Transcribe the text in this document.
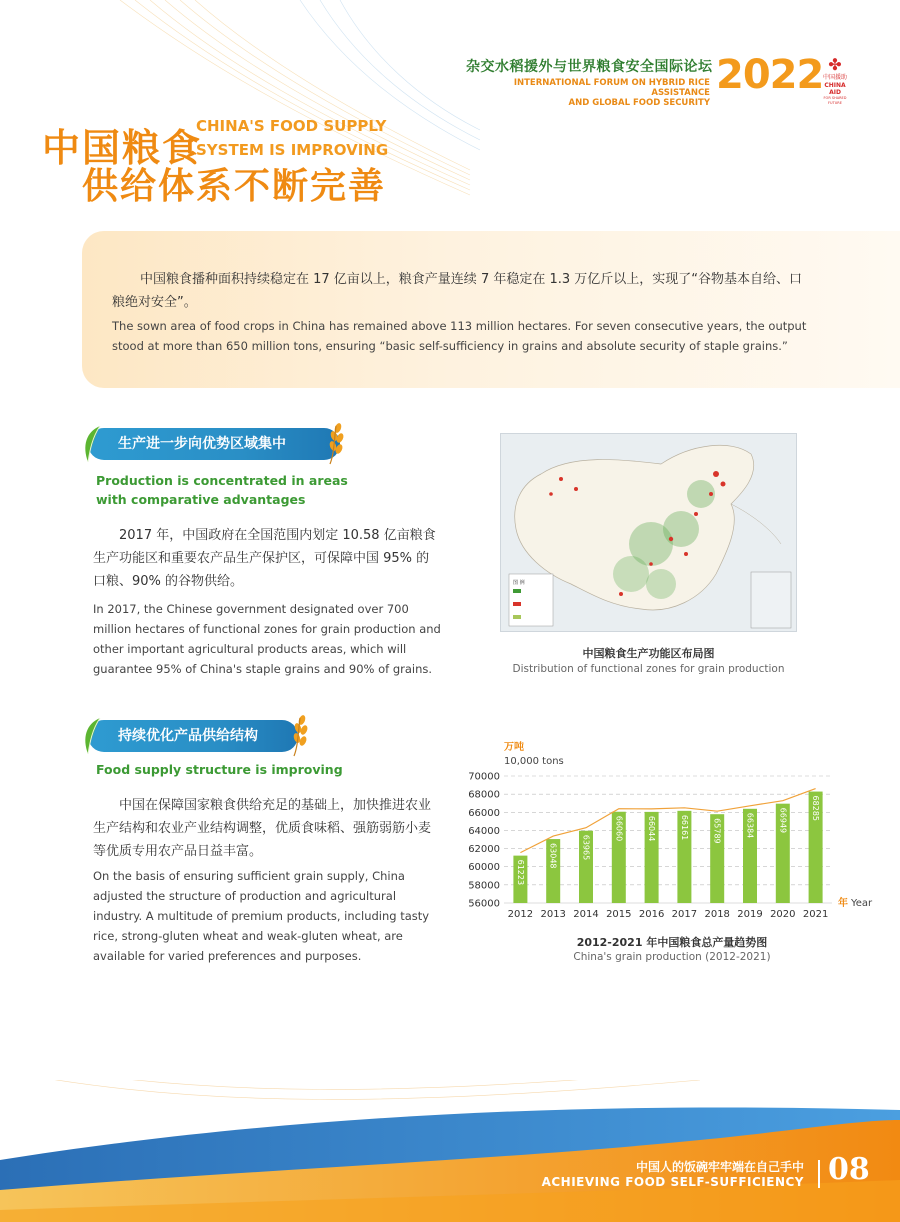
杂交水稻援外与世界粮食安全国际论坛
INTERNATIONAL FORUM ON HYBRID RICE ASSISTANCE
AND GLOBAL FOOD SECURITY
2022 ✤
中国援助
CHINA AID
FOR SHARED FUTURE
中国粮食
供给体系不断完善
CHINA'S FOOD SUPPLY
SYSTEM IS IMPROVING
中国粮食播种面积持续稳定在 17 亿亩以上，粮食产量连续 7 年稳定在 1.3 万亿斤以上，实现了“谷物基本自给、口粮绝对安全”。
The sown area of food crops in China has remained above 113 million hectares. For seven consecutive years, the output stood at more than 650 million tons, ensuring “basic self-sufficiency in grains and absolute security of staple grains.”
生产进一步向优势区域集中
Production is concentrated in areas
with comparative advantages
2017 年，中国政府在全国范围内划定 10.58 亿亩粮食生产功能区和重要农产品生产保护区，可保障中国 95% 的口粮、90% 的谷物供给。
In 2017, the Chinese government designated over 700 million hectares of functional zones for grain production and other important agricultural products areas, which will guarantee 95% of China's staple grains and 90% of grains.
图 例
中国粮食生产功能区布局图
Distribution of functional zones for grain production
持续优化产品供给结构
Food supply structure is improving
中国在保障国家粮食供给充足的基础上，加快推进农业生产结构和农业产业结构调整，优质食味稻、强筋弱筋小麦等优质专用农产品日益丰富。
On the basis of ensuring sufficient grain supply, China adjusted the structure of production and agricultural industry. A multitude of premium products, including tasty rice, strong-gluten wheat and weak-gluten wheat, are available for varied preferences and purposes.
万吨
10,000 tons
56000
58000
60000
62000
64000
66000
68000
70000
61223
63048	63965
66060	66044	66161	65789	66384	66949	68285
2012 2013 2014 2015 2016 2017 2018 2019 2020 2021
年 Year
2012-2021 年中国粮食总产量趋势图
China's grain production (2012-2021)
中国人的饭碗牢牢端在自己手中
ACHIEVING FOOD SELF-SUFFICIENCY 08
